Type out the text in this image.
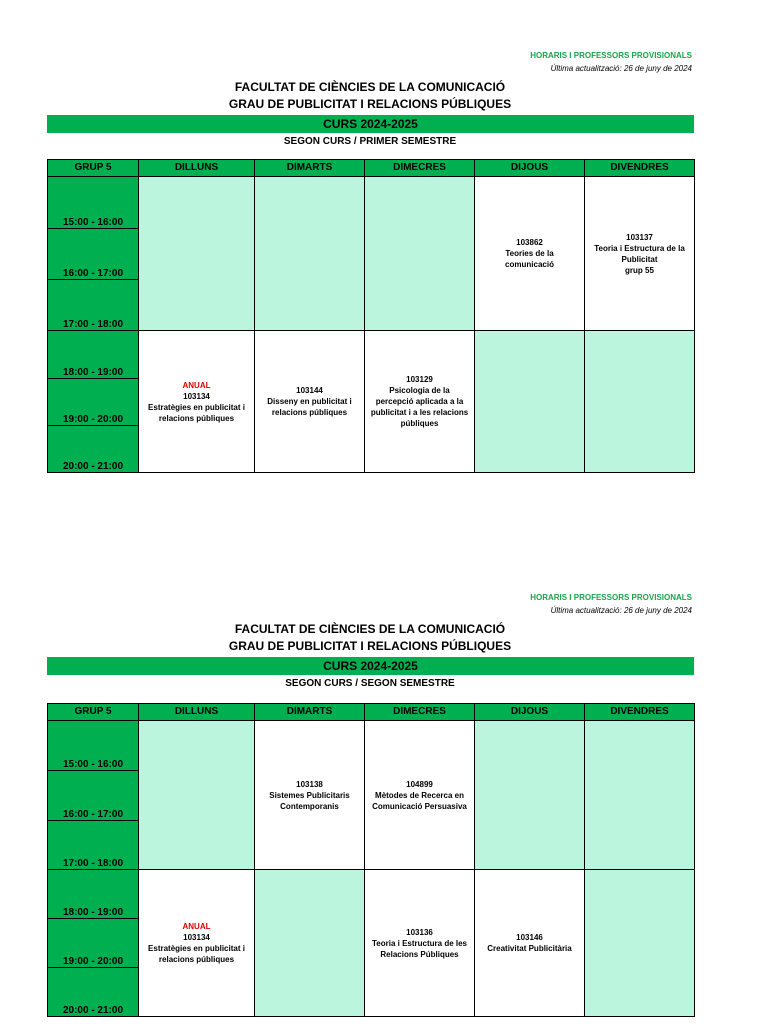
HORARIS I PROFESSORS PROVISIONALS
Última actualització: 26 de juny de 2024
FACULTAT DE CIÈNCIES DE LA COMUNICACIÓ
GRAU DE PUBLICITAT I RELACIONS PÚBLIQUES
CURS 2024-2025
SEGON CURS / PRIMER SEMESTRE
GRUP 5	DILLUNS	DIMARTS	DIMECRES	DIJOUS	DIVENDRES
15:00 - 16:00				103862
Teories de la
comunicació	103137
Teoria i Estructura de la
Publicitat
grup 55

16:00 - 17:00					
17:00 - 18:00					
18:00 - 19:00	ANUAL
103134
Estratègies en publicitat i
relacions públiques	103144
Disseny en publicitat i
relacions públiques	103129
Psicologia de la
percepció aplicada a la
publicitat i a les relacions
públiques		

19:00 - 20:00					
20:00 - 21:00					
HORARIS I PROFESSORS PROVISIONALS
Última actualització: 26 de juny de 2024
FACULTAT DE CIÈNCIES DE LA COMUNICACIÓ
GRAU DE PUBLICITAT I RELACIONS PÚBLIQUES
CURS 2024-2025
SEGON CURS / SEGON SEMESTRE
GRUP 5	DILLUNS	DIMARTS	DIMECRES	DIJOUS	DIVENDRES
15:00 - 16:00		103138
Sistemes Publicitaris
Contemporanis	104899
Mètodes de Recerca en
Comunicació Persuasiva		

16:00 - 17:00					
17:00 - 18:00					
18:00 - 19:00	ANUAL
103134
Estratègies en publicitat i
relacions públiques		103136
Teoria i Estructura de les
Relacions Públiques	103146
Creativitat Publicitària	

19:00 - 20:00					
20:00 - 21:00					
